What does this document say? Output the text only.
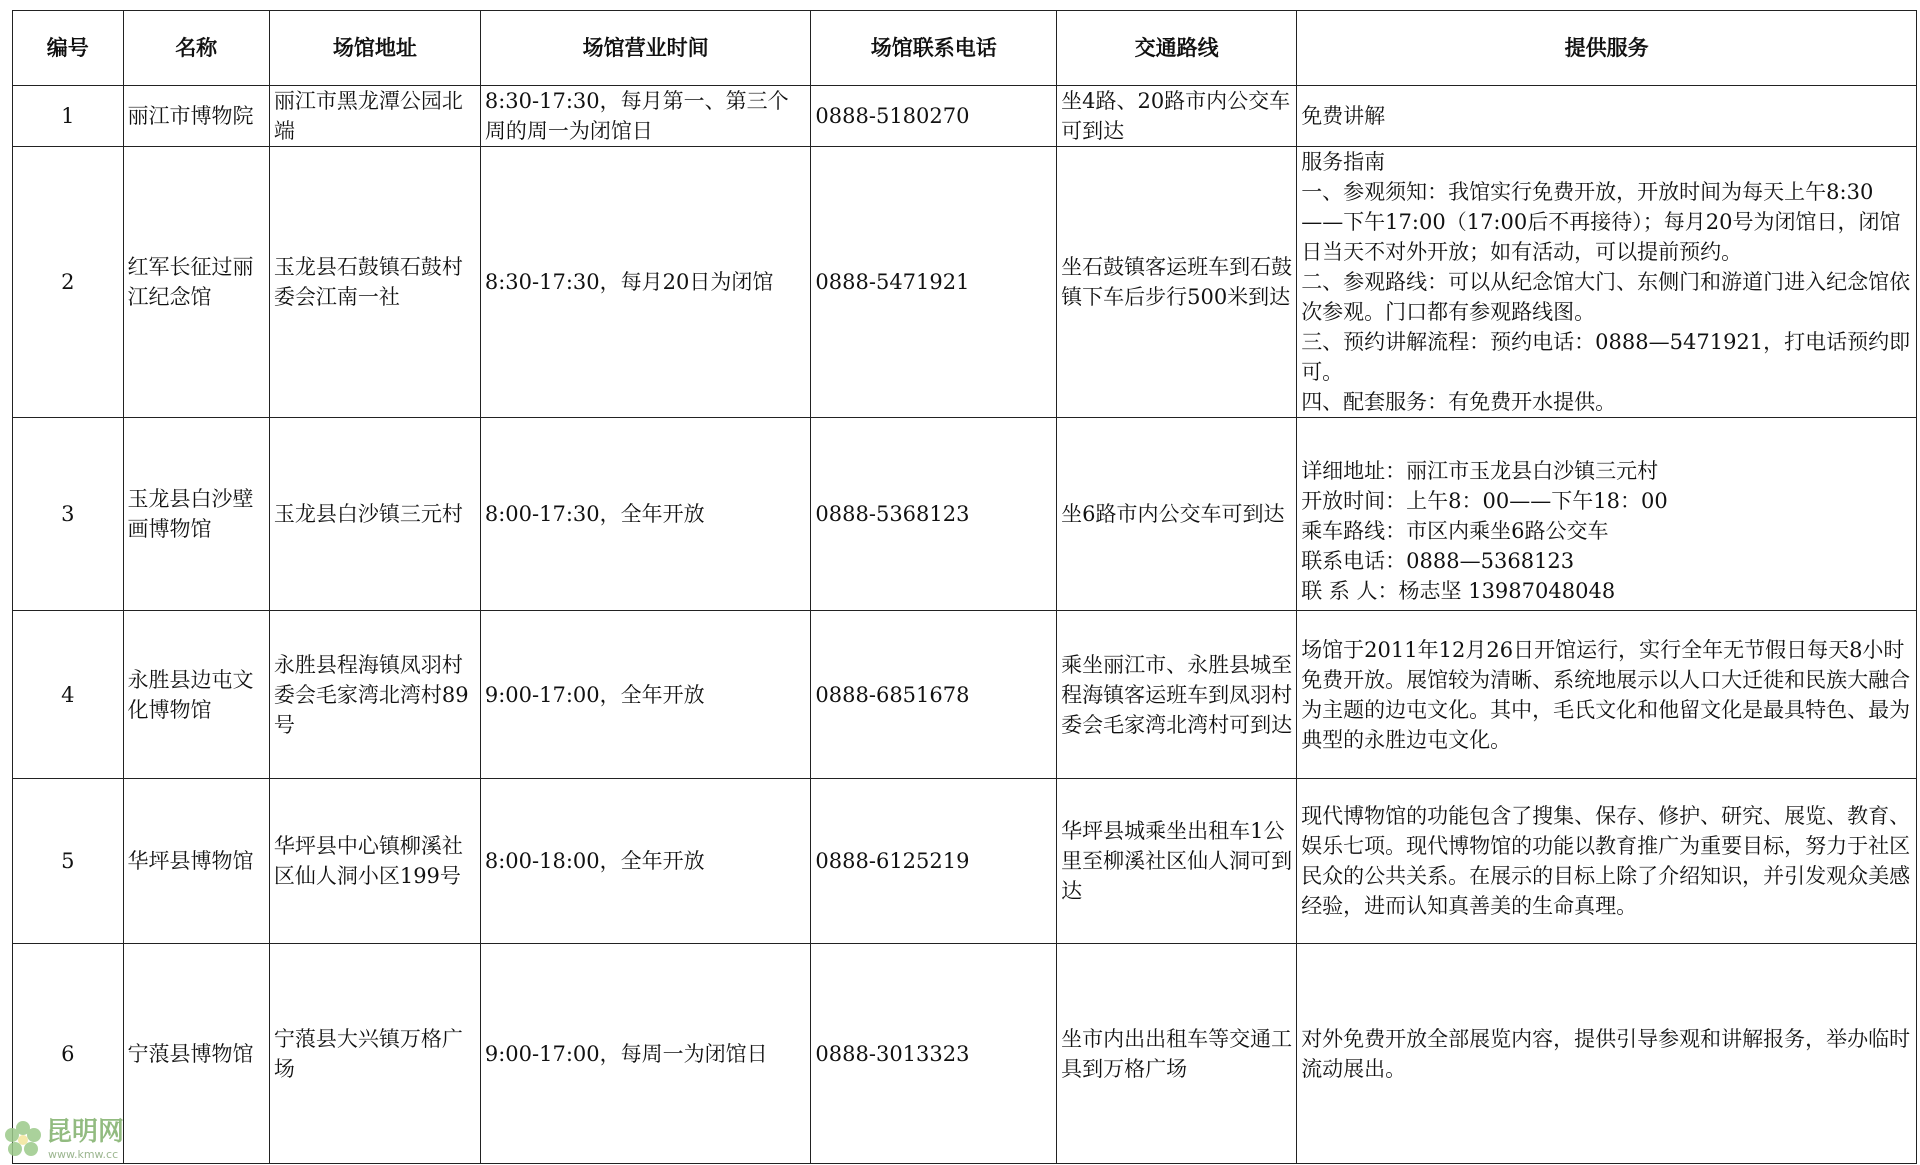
编号	名称	场馆地址	场馆营业时间	场馆联系电话	交通路线	提供服务
1	丽江市博物院	丽江市黑龙潭公园北端	8:30-17:30，每月第一、第三个周的周一为闭馆日	0888-5180270	坐4路、20路市内公交车可到达	免费讲解

2	红军长征过丽江纪念馆	玉龙县石鼓镇石鼓村委会江南一社	8:30-17:30，每月20日为闭馆	0888-5471921	坐石鼓镇客运班车到石鼓镇下车后步行500米到达	服务指南
一、参观须知：我馆实行免费开放，开放时间为每天上午8:30——下午17:00（17:00后不再接待）；每月20号为闭馆日，闭馆日当天不对外开放；如有活动，可以提前预约。
二、参观路线：可以从纪念馆大门、东侧门和游道门进入纪念馆依次参观。门口都有参观路线图。
三、预约讲解流程：预约电话：0888—5471921，打电话预约即可。
四、配套服务：有免费开水提供。

3	玉龙县白沙壁画博物馆	玉龙县白沙镇三元村	8:00-17:30，全年开放	0888-5368123	坐6路市内公交车可到达	详细地址：丽江市玉龙县白沙镇三元村
开放时间：上午8：00——下午18：00
乘车路线：市区内乘坐6路公交车
联系电话：0888—5368123
联 系 人：杨志坚 13987048048

4	永胜县边屯文化博物馆	永胜县程海镇凤羽村委会毛家湾北湾村89号	9:00-17:00，全年开放	0888-6851678	乘坐丽江市、永胜县城至程海镇客运班车到凤羽村委会毛家湾北湾村可到达	场馆于2011年12月26日开馆运行，实行全年无节假日每天8小时免费开放。展馆较为清晰、系统地展示以人口大迁徙和民族大融合为主题的边屯文化。其中，毛氏文化和他留文化是最具特色、最为典型的永胜边屯文化。

5	华坪县博物馆	华坪县中心镇柳溪社区仙人洞小区199号	8:00-18:00，全年开放	0888-6125219	华坪县城乘坐出租车1公里至柳溪社区仙人洞可到达	现代博物馆的功能包含了搜集、保存、修护、研究、展览、教育、娱乐七项。现代博物馆的功能以教育推广为重要目标，努力于社区民众的公共关系。在展示的目标上除了介绍知识，并引发观众美感经验，进而认知真善美的生命真理。

6	宁蒗县博物馆	宁蒗县大兴镇万格广场	9:00-17:00，每周一为闭馆日	0888-3013323	坐市内出出租车等交通工具到万格广场	对外免费开放全部展览内容，提供引导参观和讲解报务，举办临时流动展出。
昆明网
www.kmw.cc
